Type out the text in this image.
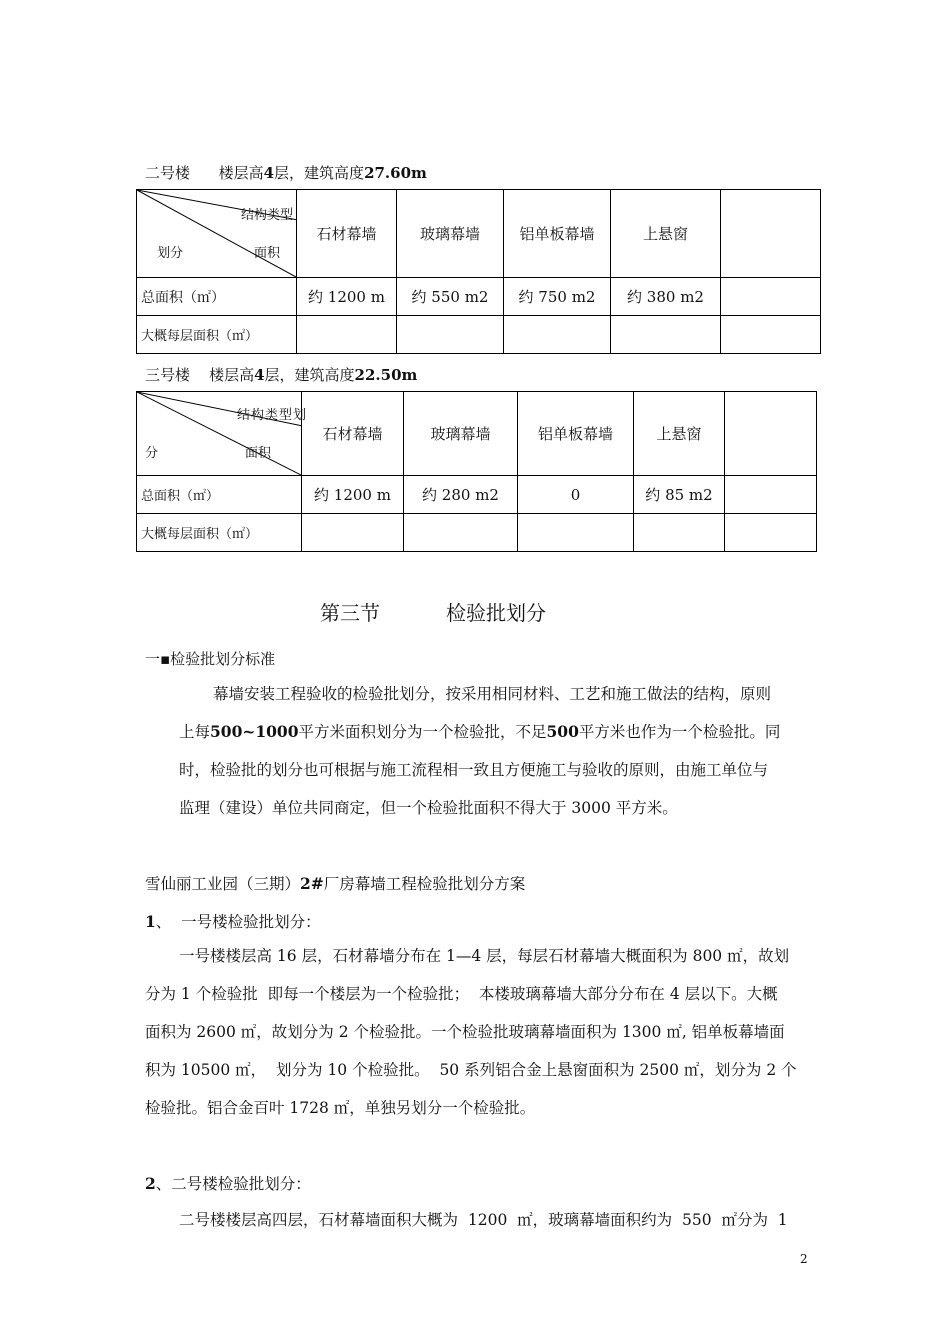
二号楼      楼层高4层，建筑高度27.60m
结构类型
划分 面积	石材幕墙	玻璃幕墙	铝单板幕墙	上悬窗	
总面积（㎡）	约 1200 m	约 550 m2	约 750 m2	约 380 m2	
大概每层面积（㎡）					
三号楼    楼层高4层，建筑高度22.50m
结构类型划
分 面积	石材幕墙	玻璃幕墙	铝单板幕墙	上悬窗	
总面积（㎡）	约 1200 m	约 280 m2	0	约 85 m2	
大概每层面积（㎡）					
第三节	检验批划分
一▪检验批划分标准
幕墙安装工程验收的检验批划分，按采用相同材料、工艺和施工做法的结构，原则
上每500~1000平方米面积划分为一个检验批，不足500平方米也作为一个检验批。同
时，检验批的划分也可根据与施工流程相一致且方便施工与验收的原则，由施工单位与
监理（建设）单位共同商定，但一个检验批面积不得大于 3000 平方米。
雪仙丽工业园（三期）2#厂房幕墙工程检验批划分方案
1、  一号楼检验批划分：
一号楼楼层高 16 层，石材幕墙分布在 1—4 层，每层石材幕墙大概面积为 800 ㎡，故划
分为 1 个检验批  即每一个楼层为一个检验批；  本楼玻璃幕墙大部分分布在 4 层以下。大概
面积为 2600 ㎡，故划分为 2 个检验批。一个检验批玻璃幕墙面积为 1300 ㎡, 铝单板幕墙面
积为 10500 ㎡，  划分为 10 个检验批。  50 系列铝合金上悬窗面积为 2500 ㎡，划分为 2 个
检验批。铝合金百叶 1728 ㎡，单独另划分一个检验批。
2、二号楼检验批划分：
二号楼楼层高四层，石材幕墙面积大概为  1200  ㎡，玻璃幕墙面积约为  550  ㎡分为  1
2
